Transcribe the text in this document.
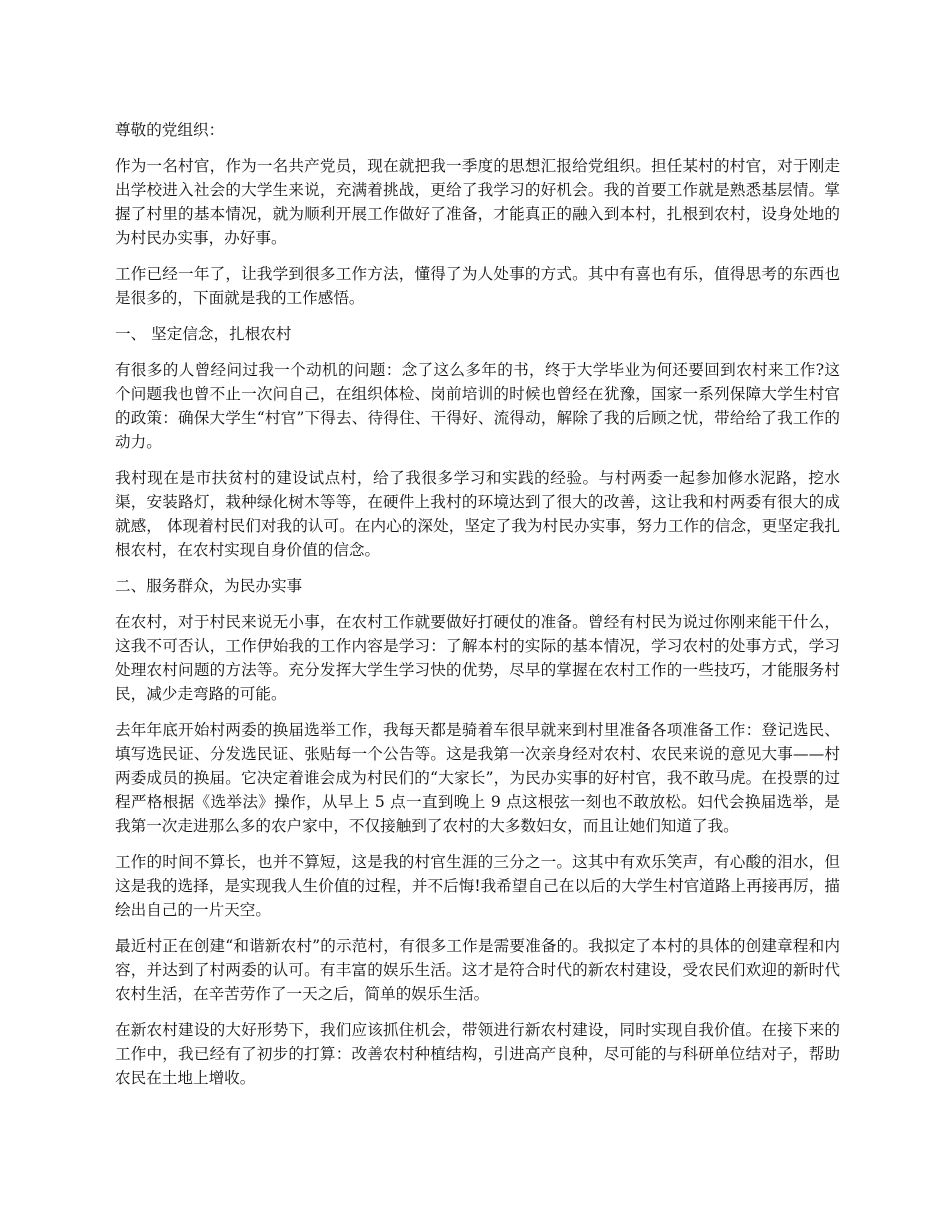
尊敬的党组织：

作为一名村官，作为一名共产党员，现在就把我一季度的思想汇报给党组织。担任某村的村官，对于刚走出学校进入社会的大学生来说，充满着挑战，更给了我学习的好机会。我的首要工作就是熟悉基层情。掌握了村里的基本情况，就为顺利开展工作做好了准备，才能真正的融入到本村，扎根到农村，设身处地的为村民办实事，办好事。

工作已经一年了，让我学到很多工作方法，懂得了为人处事的方式。其中有喜也有乐，值得思考的东西也是很多的，下面就是我的工作感悟。

一、 坚定信念，扎根农村

有很多的人曾经问过我一个动机的问题：念了这么多年的书，终于大学毕业为何还要回到农村来工作?这个问题我也曾不止一次问自己，在组织体检、岗前培训的时候也曾经在犹豫，国家一系列保障大学生村官的政策：确保大学生“村官”下得去、待得住、干得好、流得动，解除了我的后顾之忧，带给给了我工作的动力。

我村现在是市扶贫村的建设试点村，给了我很多学习和实践的经验。与村两委一起参加修水泥路，挖水渠，安装路灯，栽种绿化树木等等，在硬件上我村的环境达到了很大的改善，这让我和村两委有很大的成就感， 体现着村民们对我的认可。在内心的深处，坚定了我为村民办实事，努力工作的信念，更坚定我扎根农村，在农村实现自身价值的信念。

二、服务群众，为民办实事

在农村，对于村民来说无小事，在农村工作就要做好打硬仗的准备。曾经有村民为说过你刚来能干什么，这我不可否认，工作伊始我的工作内容是学习：了解本村的实际的基本情况，学习农村的处事方式，学习处理农村问题的方法等。充分发挥大学生学习快的优势，尽早的掌握在农村工作的一些技巧，才能服务村民，减少走弯路的可能。

去年年底开始村两委的换届选举工作，我每天都是骑着车很早就来到村里准备各项准备工作：登记选民、填写选民证、分发选民证、张贴每一个公告等。这是我第一次亲身经对农村、农民来说的意见大事——村两委成员的换届。它决定着谁会成为村民们的“大家长”，为民办实事的好村官，我不敢马虎。在投票的过程严格根据《选举法》操作，从早上 5 点一直到晚上 9 点这根弦一刻也不敢放松。妇代会换届选举，是我第一次走进那么多的农户家中，不仅接触到了农村的大多数妇女，而且让她们知道了我。

工作的时间不算长，也并不算短，这是我的村官生涯的三分之一。这其中有欢乐笑声，有心酸的泪水，但这是我的选择，是实现我人生价值的过程，并不后悔!我希望自己在以后的大学生村官道路上再接再厉，描绘出自己的一片天空。

最近村正在创建“和谐新农村”的示范村，有很多工作是需要准备的。我拟定了本村的具体的创建章程和内容，并达到了村两委的认可。有丰富的娱乐生活。这才是符合时代的新农村建设，受农民们欢迎的新时代农村生活，在辛苦劳作了一天之后，简单的娱乐生活。

在新农村建设的大好形势下，我们应该抓住机会，带领进行新农村建设，同时实现自我价值。在接下来的工作中，我已经有了初步的打算：改善农村种植结构，引进高产良种，尽可能的与科研单位结对子，帮助农民在土地上增收。
